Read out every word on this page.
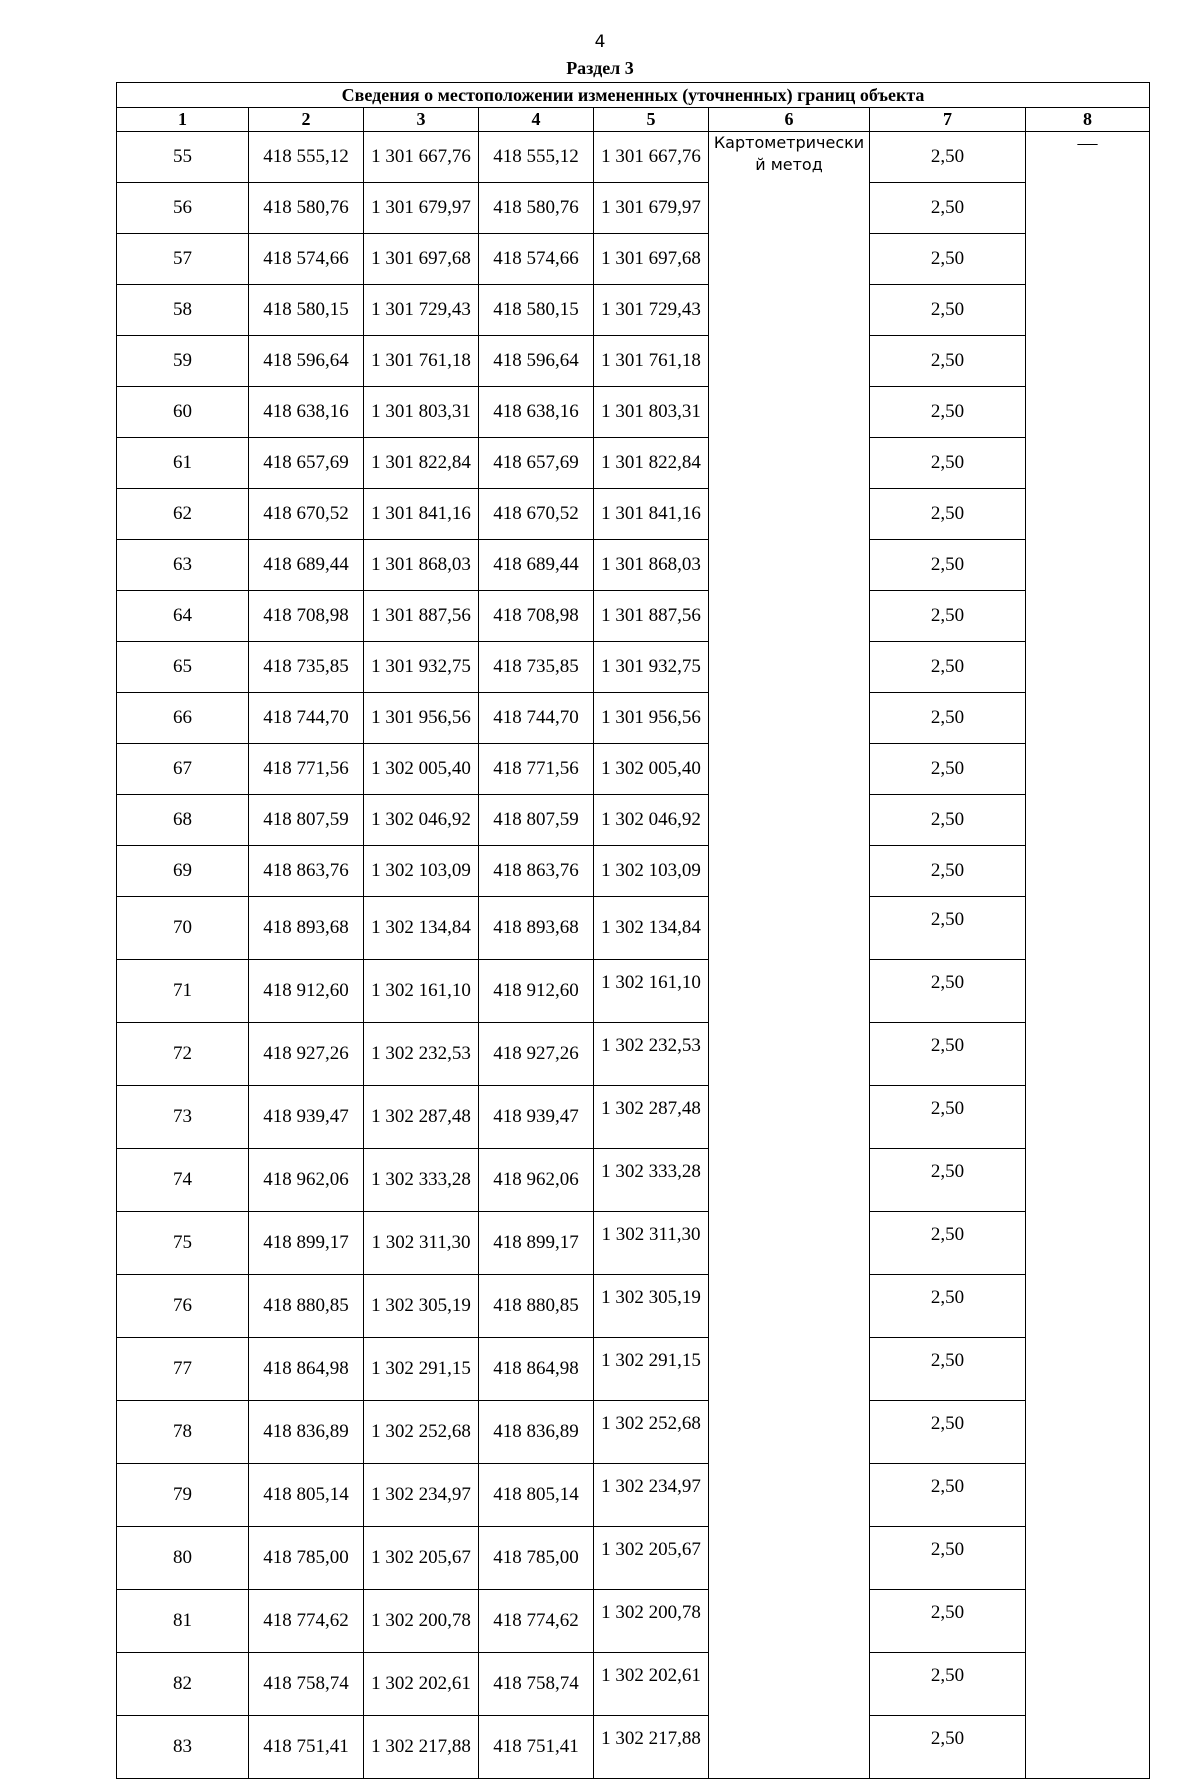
4
Раздел 3
Сведения о местоположении измененных (уточненных) границ объекта							
1	2	3	4	5	6	7	8
55	418 555,12	1 301 667,76	418 555,12	1 301 667,76	Картометрический метод	2,50	—
56	418 580,76	1 301 679,97	418 580,76	1 301 679,97		2,50	
57	418 574,66	1 301 697,68	418 574,66	1 301 697,68		2,50	
58	418 580,15	1 301 729,43	418 580,15	1 301 729,43		2,50	
59	418 596,64	1 301 761,18	418 596,64	1 301 761,18		2,50	
60	418 638,16	1 301 803,31	418 638,16	1 301 803,31		2,50	
61	418 657,69	1 301 822,84	418 657,69	1 301 822,84		2,50	
62	418 670,52	1 301 841,16	418 670,52	1 301 841,16		2,50	
63	418 689,44	1 301 868,03	418 689,44	1 301 868,03		2,50	
64	418 708,98	1 301 887,56	418 708,98	1 301 887,56		2,50	
65	418 735,85	1 301 932,75	418 735,85	1 301 932,75		2,50	
66	418 744,70	1 301 956,56	418 744,70	1 301 956,56		2,50	
67	418 771,56	1 302 005,40	418 771,56	1 302 005,40		2,50	
68	418 807,59	1 302 046,92	418 807,59	1 302 046,92		2,50	
69	418 863,76	1 302 103,09	418 863,76	1 302 103,09		2,50	
70	418 893,68	1 302 134,84	418 893,68	1 302 134,84		2,50	
71	418 912,60	1 302 161,10	418 912,60	1 302 161,10		2,50	
72	418 927,26	1 302 232,53	418 927,26	1 302 232,53		2,50	
73	418 939,47	1 302 287,48	418 939,47	1 302 287,48		2,50	
74	418 962,06	1 302 333,28	418 962,06	1 302 333,28		2,50	
75	418 899,17	1 302 311,30	418 899,17	1 302 311,30		2,50	
76	418 880,85	1 302 305,19	418 880,85	1 302 305,19		2,50	
77	418 864,98	1 302 291,15	418 864,98	1 302 291,15		2,50	
78	418 836,89	1 302 252,68	418 836,89	1 302 252,68		2,50	
79	418 805,14	1 302 234,97	418 805,14	1 302 234,97		2,50	
80	418 785,00	1 302 205,67	418 785,00	1 302 205,67		2,50	
81	418 774,62	1 302 200,78	418 774,62	1 302 200,78		2,50	
82	418 758,74	1 302 202,61	418 758,74	1 302 202,61		2,50	
83	418 751,41	1 302 217,88	418 751,41	1 302 217,88		2,50	
